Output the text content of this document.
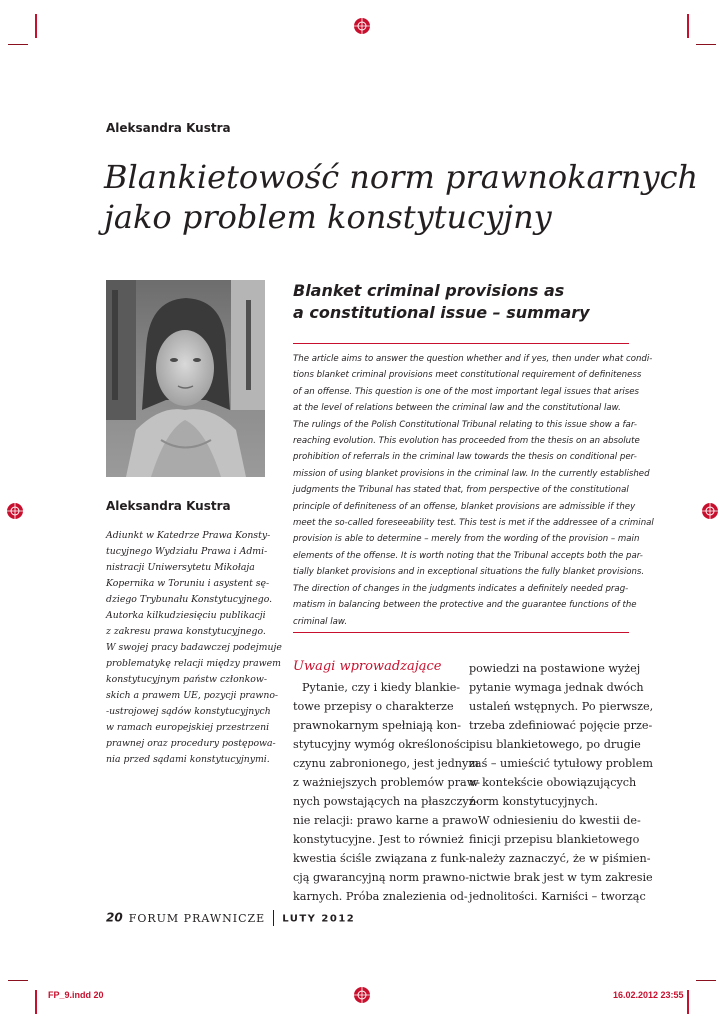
Aleksandra Kustra
Blankietowość norm prawnokarnych
jako problem konstytucyjny
Aleksandra Kustra
Adiunkt w Katedrze Prawa Konsty-
tucyjnego Wydziału Prawa i Admi-
nistracji Uniwersytetu Mikołaja
Kopernika w Toruniu i asystent sę-
dziego Trybunału Konstytucyjnego.
Autorka kilkudziesięciu publikacji
z zakresu prawa konstytucyjnego.
W swojej pracy badawczej podejmuje
problematykę relacji między prawem
konstytucyjnym państw członkow-
skich a prawem UE, pozycji prawno-
-ustrojowej sądów konstytucyjnych
w ramach europejskiej przestrzeni
prawnej oraz procedury postępowa-
nia przed sądami konstytucyjnymi.
Blanket criminal provisions as
a constitutional issue – summary
The article aims to answer the question whether and if yes, then under what condi-
tions blanket criminal provisions meet constitutional requirement of definiteness
of an offense. This question is one of the most important legal issues that arises
at the level of relations between the criminal law and the constitutional law.
The rulings of the Polish Constitutional Tribunal relating to this issue show a far-
reaching evolution. This evolution has proceeded from the thesis on an absolute
prohibition of referrals in the criminal law towards the thesis on conditional per-
mission of using blanket provisions in the criminal law. In the currently established
judgments the Tribunal has stated that, from perspective of the constitutional
principle of definiteness of an offense, blanket provisions are admissible if they
meet the so-called foreseeability test. This test is met if the addressee of a criminal
provision is able to determine – merely from the wording of the provision – main
elements of the offense. It is worth noting that the Tribunal accepts both the par-
tially blanket provisions and in exceptional situations the fully blanket provisions.
The direction of changes in the judgments indicates a definitely needed prag-
matism in balancing between the protective and the guarantee functions of the
criminal law.
Uwagi wprowadzające
Pytanie, czy i kiedy blankie-
towe przepisy o charakterze
prawnokarnym spełniają kon-
stytucyjny wymóg określoności
czynu zabronionego, jest jednym
z ważniejszych problemów praw-
nych powstających na płaszczyź-
nie relacji: prawo karne a prawo
konstytucyjne. Jest to również
kwestia ściśle związana z funk-
cją gwarancyjną norm prawno-
karnych. Próba znalezienia od-
powiedzi na postawione wyżej
pytanie wymaga jednak dwóch
ustaleń wstępnych. Po pierwsze,
trzeba zdefiniować pojęcie prze-
pisu blankietowego, po drugie
zaś – umieścić tytułowy problem
w kontekście obowiązujących
norm konstytucyjnych.
W odniesieniu do kwestii de-
finicji przepisu blankietowego
należy zaznaczyć, że w piśmien-
nictwie brak jest w tym zakresie
jednolitości. Karniści – tworząc
20 FORUM PRAWNICZE LUTY 2012
FP_9.indd 20	16.02.2012 23:55
